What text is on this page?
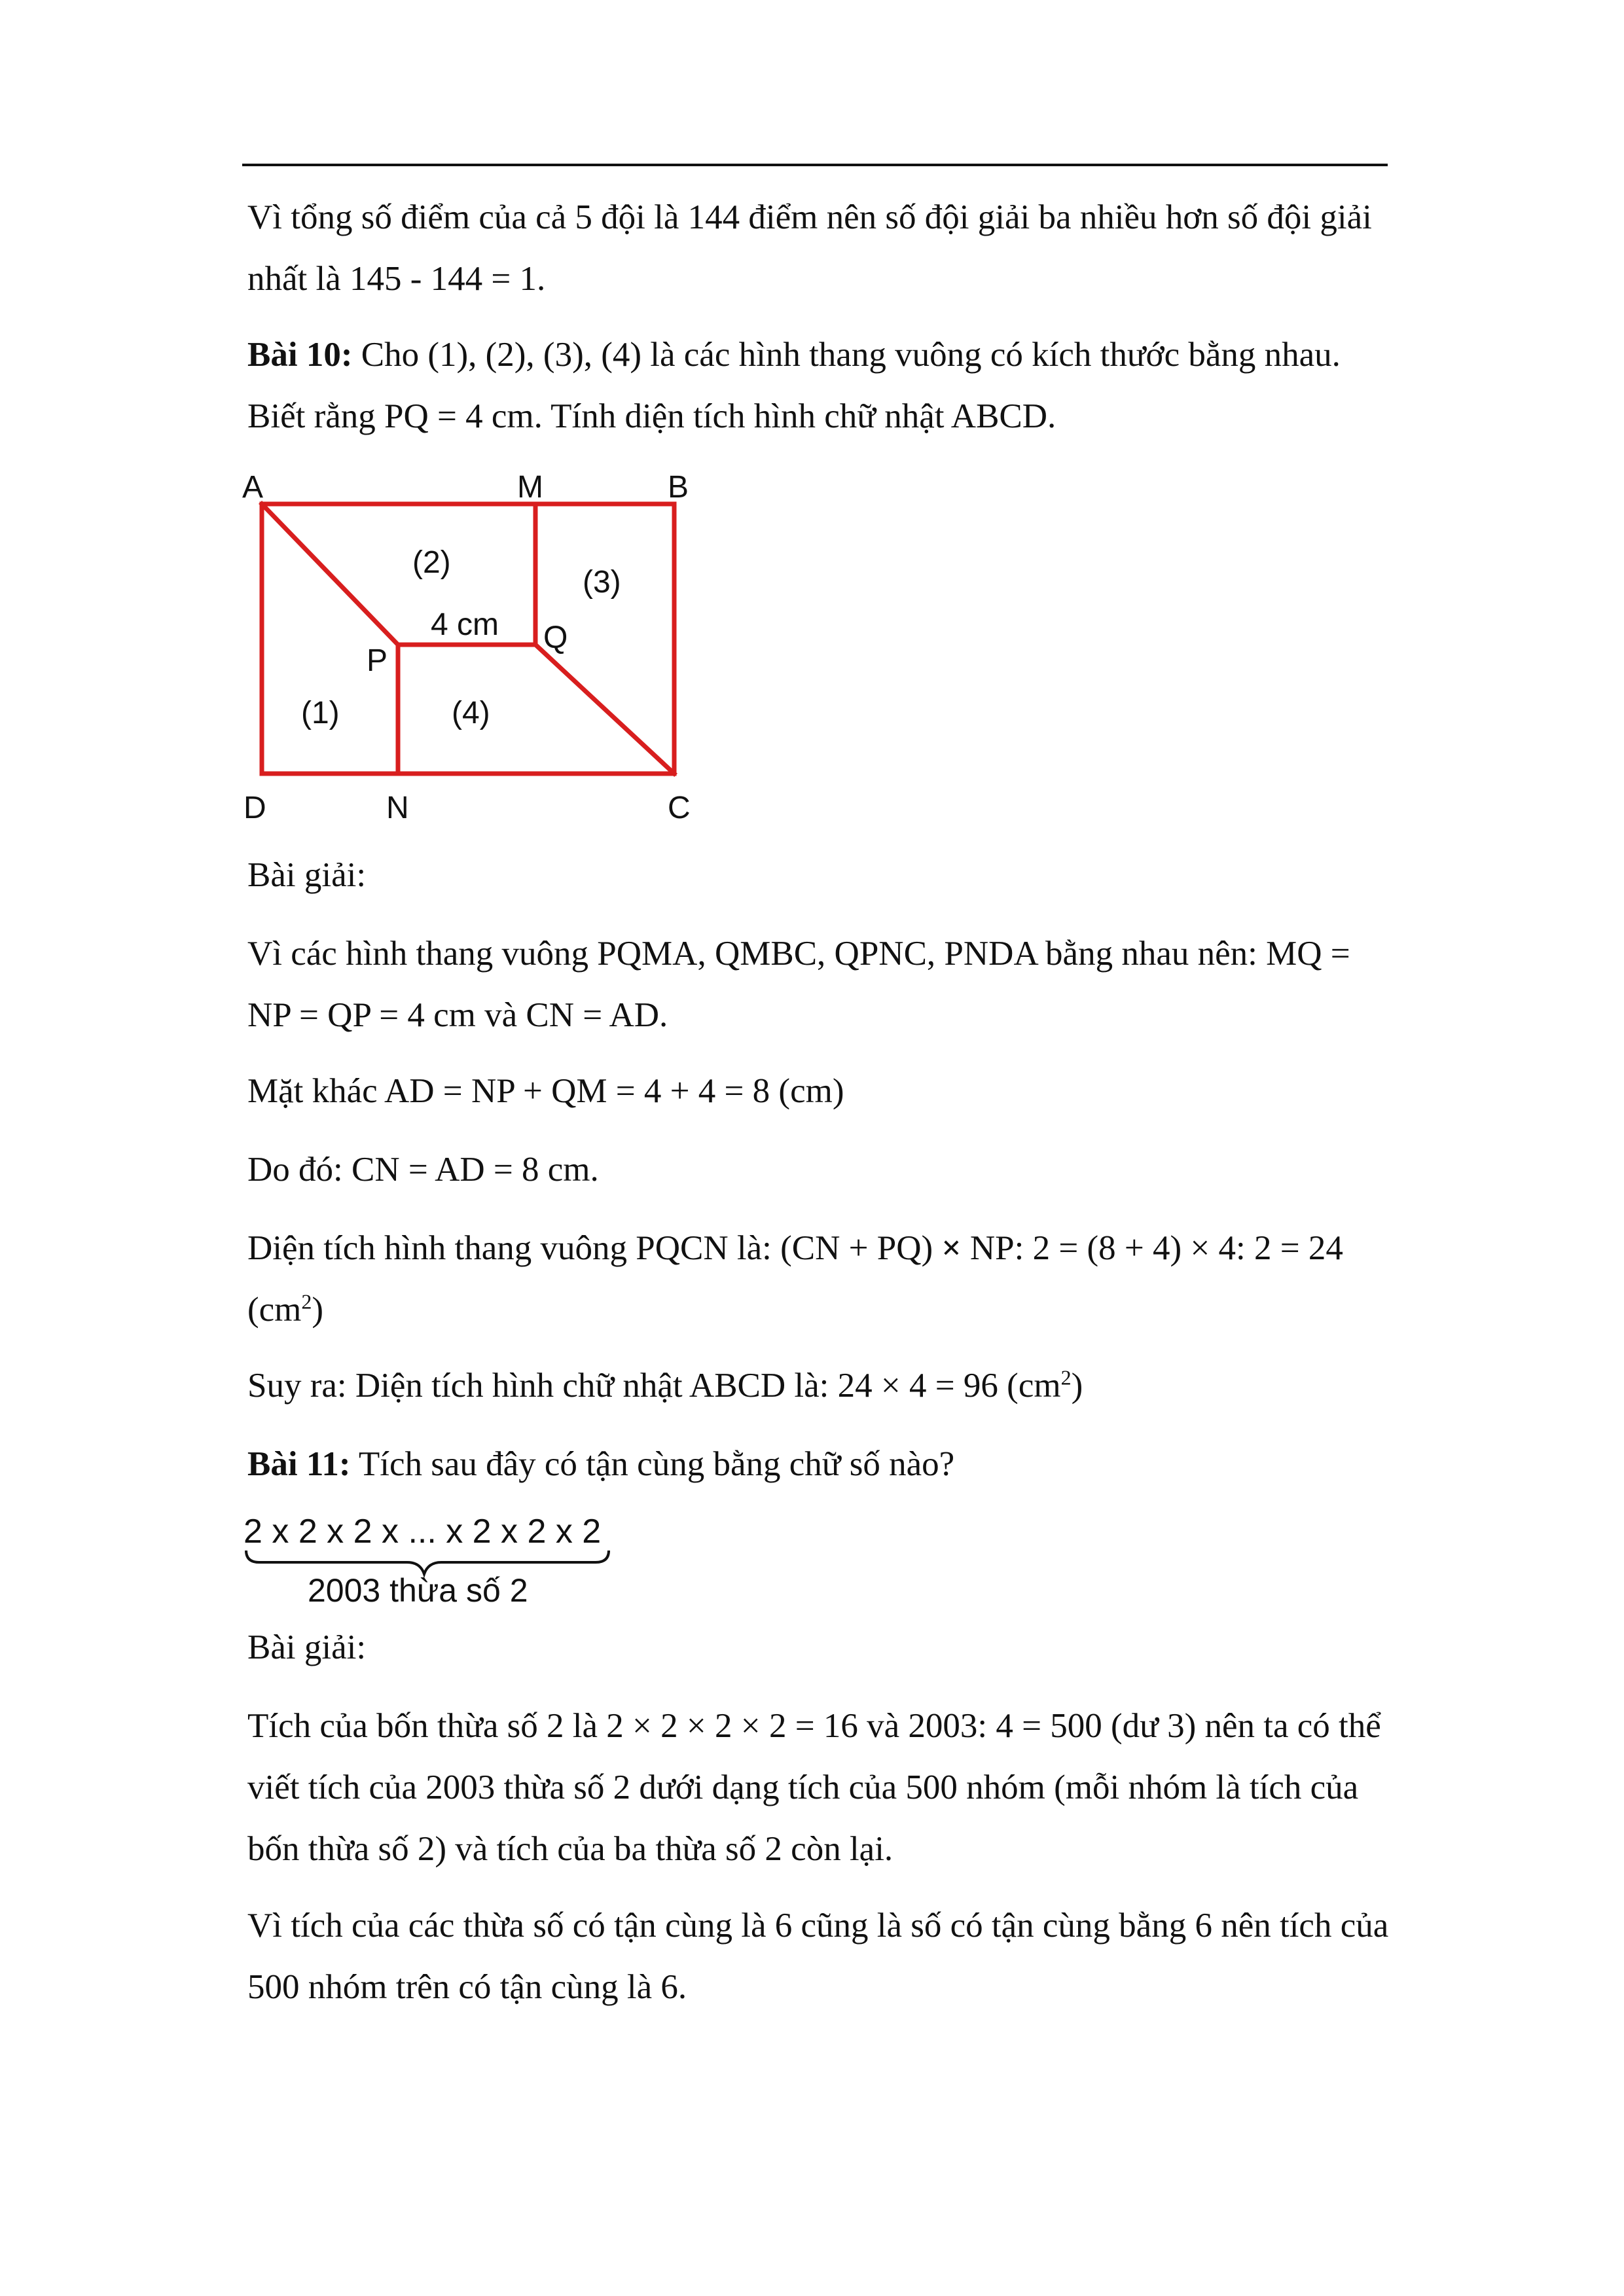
Vì tổng số điểm của cả 5 đội là 144 điểm nên số đội giải ba nhiều hơn số đội giải nhất là 145 - 144 = 1.

Bài 10: Cho (1), (2), (3), (4) là các hình thang vuông có kích thước bằng nhau. Biết rằng PQ = 4 cm. Tính diện tích hình chữ nhật ABCD.

A	M	B
P
Q
D	N	C
(2)
(3)
4 cm
(1)	(4)

Bài giải:

Vì các hình thang vuông PQMA, QMBC, QPNC, PNDA bằng nhau nên: MQ = NP = QP = 4 cm và CN = AD.

Mặt khác AD = NP + QM = 4 + 4 = 8 (cm)

Do đó: CN = AD = 8 cm.

Diện tích hình thang vuông PQCN là: (CN + PQ) × NP: 2 = (8 + 4) × 4: 2 = 24 $(cm^2)$

Suy ra: Diện tích hình chữ nhật ABCD là: 24 × 4 = 96 $(cm^2)$

Bài 11: Tích sau đây có tận cùng bằng chữ số nào?

2 x 2 x 2 x ... x 2 x 2 x 2
2003 thừa số 2

Bài giải:

Tích của bốn thừa số 2 là 2 × 2 × 2 × 2 = 16 và 2003: 4 = 500 (dư 3) nên ta có thể viết tích của 2003 thừa số 2 dưới dạng tích của 500 nhóm (mỗi nhóm là tích của bốn thừa số 2) và tích của ba thừa số 2 còn lại.

Vì tích của các thừa số có tận cùng là 6 cũng là số có tận cùng bằng 6 nên tích của 500 nhóm trên có tận cùng là 6.
